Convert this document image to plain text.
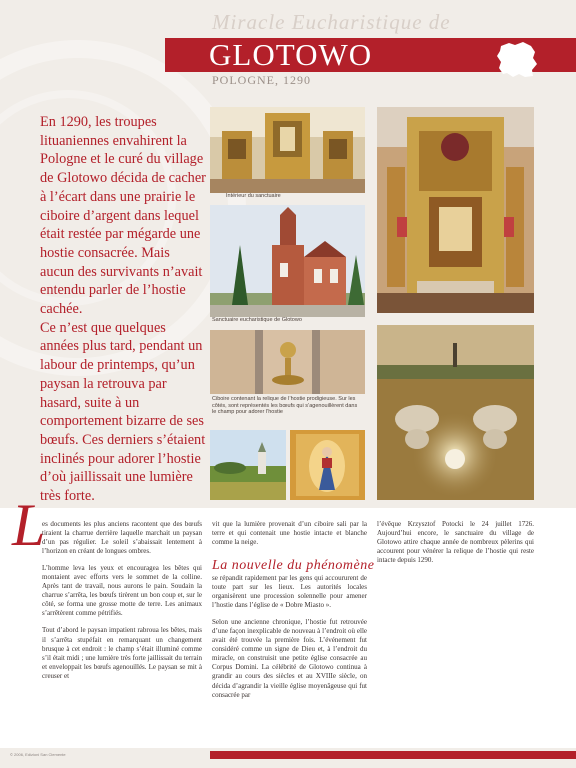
Miracle Eucharistique de
GLOTOWO
POLOGNE, 1290

En 1290, les troupes lituaniennes envahirent la Pologne et le curé du village de Glotowo décida de cacher à l’écart dans une prairie le ciboire d’argent dans lequel était restée par mégarde une hostie consacrée. Mais aucun des survivants n’avait entendu parler de l’hostie cachée.

Ce n’est que quelques années plus tard, pendant un labour de printemps, qu’un paysan la retrouva par hasard, suite à un comportement bizarre de ses bœufs. Ces derniers s’étaient inclinés pour adorer l’hostie d’où jaillissait une lumière très forte.

Intérieur du sanctuaire
Sanctuaire eucharistique de Glotowo
Ciboire contenant la relique de l’hostie prodigieuse. Sur les côtés, sont représentés les bœufs qui s’agenouillèrent dans le champ pour adorer l’hostie
L

es documents les plus anciens racontent que des bœufs tiraient la charrue derrière laquelle marchait un paysan d’un pas régulier. Le soleil s’abaissait lentement à l’horizon en créant de longues ombres.

L’homme leva les yeux et encouragea les bêtes qui montaient avec efforts vers le sommet de la colline. Après tant de travail, nous aurons le pain. Soudain la charrue s’arrêta, les bœufs tirèrent un bon coup et, sur le côté, se forma une grosse motte de terre. Les animaux s’arrêtèrent comme pétrifiés.

Tout d’abord le paysan impatient rabroua les bêtes, mais il s’arrêta stupéfait en remarquant un changement brusque à cet endroit : le champ s’était illuminé comme s’il était midi ; une lumière très forte jaillissait du terrain et enveloppait les bœufs agenouillés. Le paysan se mit à creuser et

vit que la lumière provenait d’un ciboire sali par la terre et qui contenait une hostie intacte et blanche comme la neige.

La nouvelle du phénomène

se répandit rapidement par les gens qui accoururent de toute part sur les lieux. Les autorités locales organisèrent une procession solennelle pour amener l’hostie dans l’église de « Dobre Miasto ».

Selon une ancienne chronique, l’hostie fut retrouvée d’une façon inexplicable de nouveau à l’endroit où elle avait été trouvée la première fois. L’événement fut considéré comme un signe de Dieu et, à l’endroit du miracle, on construisit une petite église consacrée au Corpus Domini. La célébrité de Glotowo continua à grandir au cours des siècles et au XVIIIe siècle, on décida d’agrandir la vieille église moyenâgeuse qui fut consacrée par

l’évêque Krzysztof Potocki le 24 juillet 1726. Aujourd’hui encore, le sanctuaire du village de Glotowo attire chaque année de nombreux pèlerins qui accourent pour vénérer la relique de l’hostie qui reste intacte depuis 1290.

© 2006, Edizioni San Clemente
